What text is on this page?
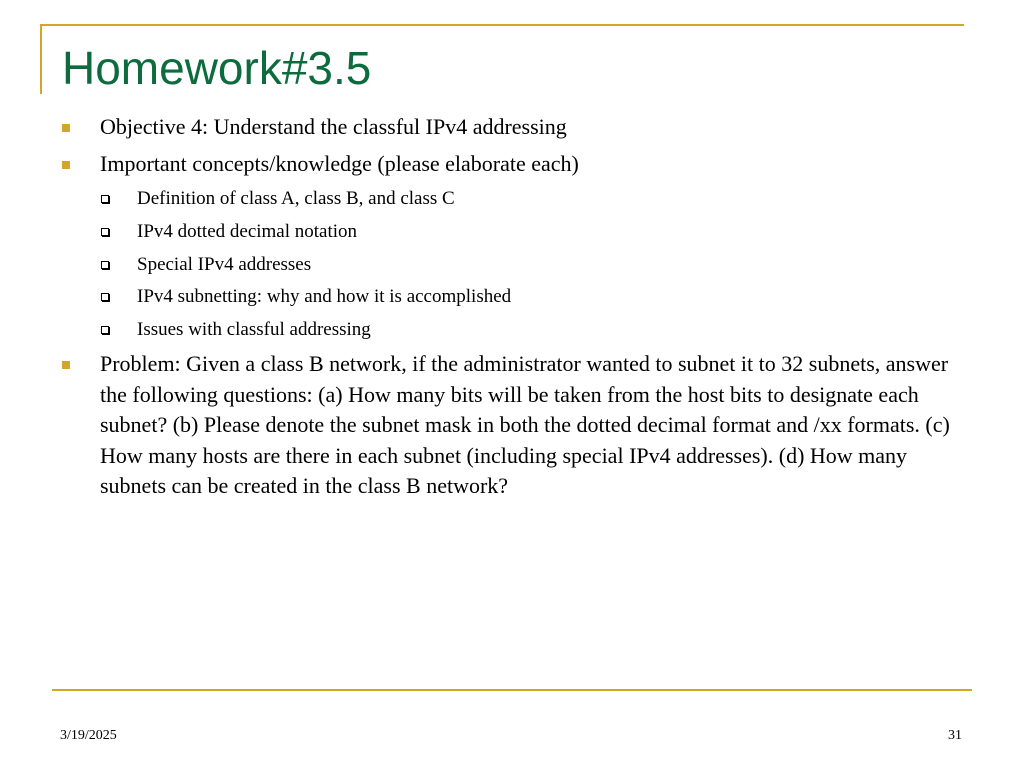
Homework#3.5
Objective 4: Understand the classful IPv4 addressing
Important concepts/knowledge (please elaborate each)
Definition of class A, class B, and class C
IPv4 dotted decimal notation
Special IPv4 addresses
IPv4 subnetting: why and how it is accomplished
Issues with classful addressing
Problem: Given a class B network, if the administrator wanted to subnet it to 32 subnets, answer the following questions: (a) How many bits will be taken from the host bits to designate each subnet? (b) Please denote the subnet mask in both the dotted decimal format and /xx formats. (c) How many hosts are there in each subnet (including special IPv4 addresses). (d) How many subnets can be created in the class B network?
3/19/2025	31
